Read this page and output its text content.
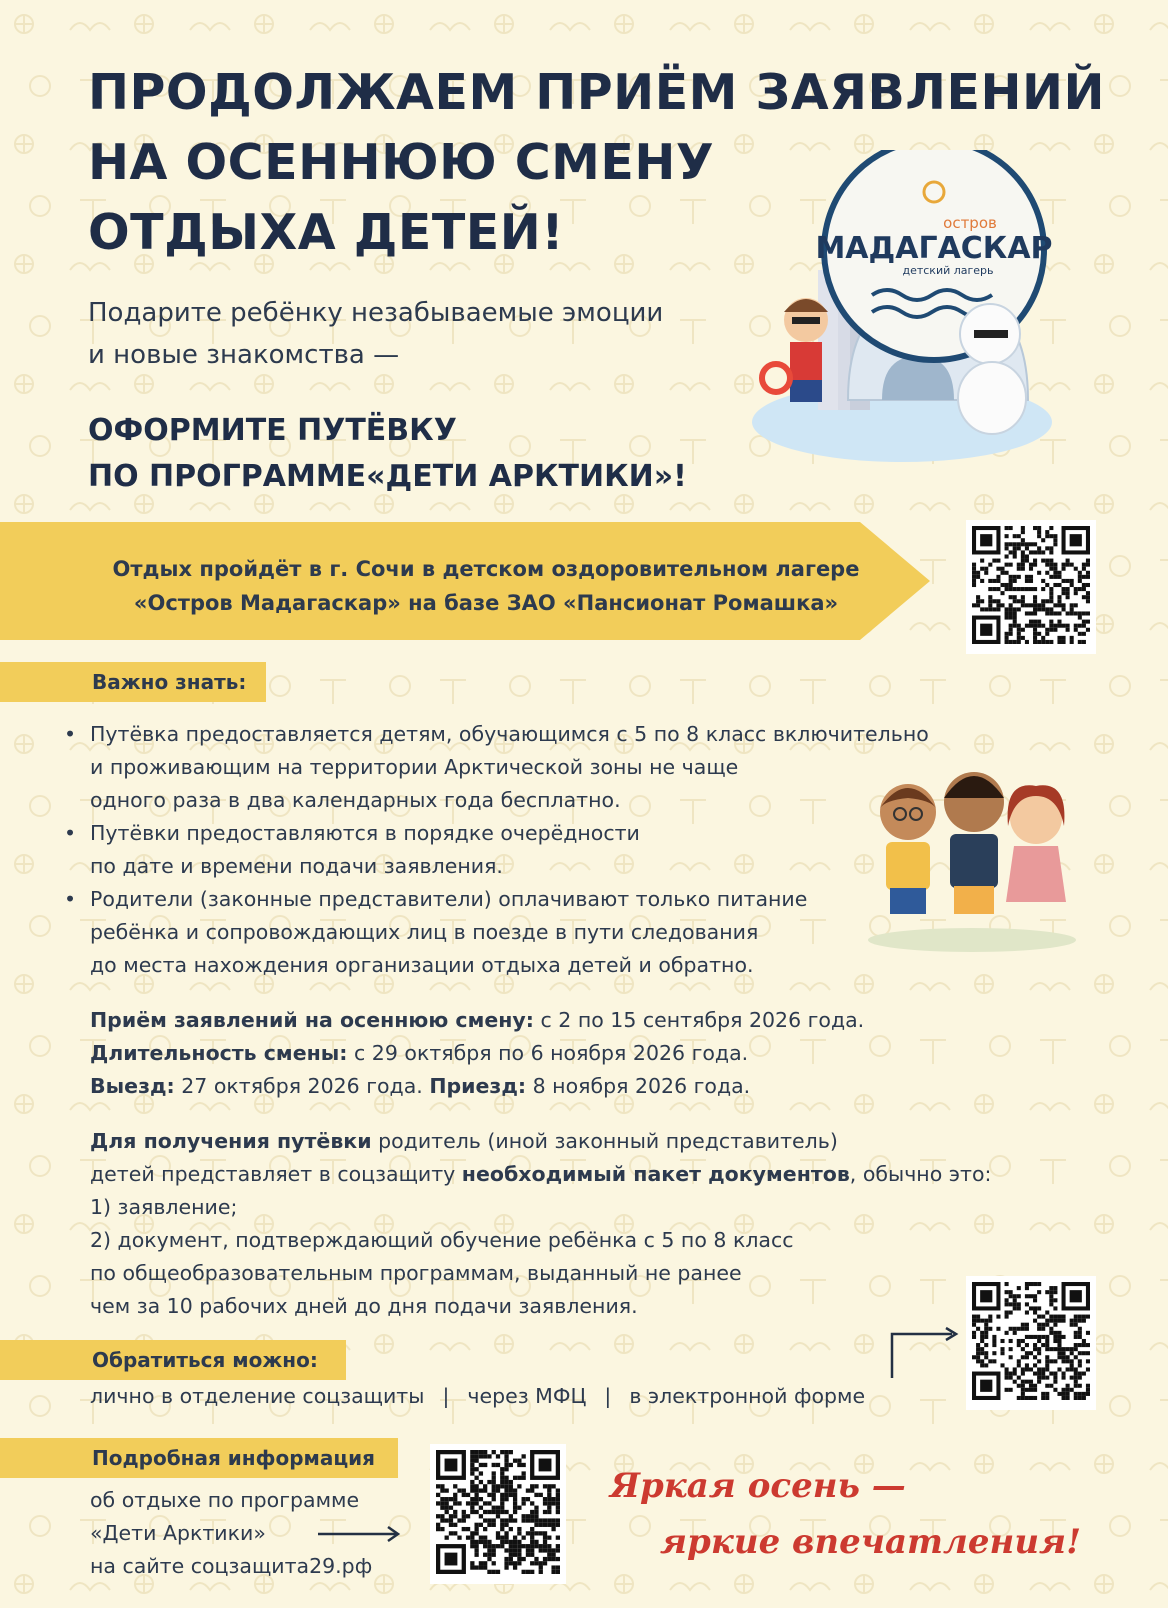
ПРОДОЛЖАЕМ ПРИЁМ ЗАЯВЛЕНИЙ
НА ОСЕННЮЮ СМЕНУ
ОТДЫХА ДЕТЕЙ!
Подарите ребёнку незабываемые эмоции
и новые знакомства —
ОФОРМИТЕ ПУТЁВКУ
ПО ПРОГРАММЕ«ДЕТИ АРКТИКИ»!
остров
МАДАГАСКАР
детский лагерь
Отдых пройдёт в г. Сочи в детском оздоровительном лагере
«Остров Мадагаскар» на базе ЗАО «Пансионат Ромашка»
Важно знать:
• Путёвка предоставляется детям, обучающимся с 5 по 8 класс включительно
и проживающим на территории Арктической зоны не чаще
одного раза в два календарных года бесплатно.
• Путёвки предоставляются в порядке очерёдности
по дате и времени подачи заявления.
• Родители (законные представители) оплачивают только питание
ребёнка и сопровождающих лиц в поезде в пути следования
до места нахождения организации отдыха детей и обратно.
Приём заявлений на осеннюю смену: с 2 по 15 сентября 2026 года.
Длительность смены: с 29 октября по 6 ноября 2026 года.
Выезд: 27 октября 2026 года. Приезд: 8 ноября 2026 года.
Для получения путёвки родитель (иной законный представитель)
детей представляет в соцзащиту необходимый пакет документов, обычно это:
1) заявление;
2) документ, подтверждающий обучение ребёнка с 5 по 8 класс
по общеобразовательным программам, выданный не ранее
чем за 10 рабочих дней до дня подачи заявления.
Обратиться можно:
лично в отделение соцзащиты | через МФЦ | в электронной форме
Подробная информация
об отдыхе по программе
«Дети Арктики»
на сайте соцзащита29.рф
Яркая осень —
яркие впечатления!
